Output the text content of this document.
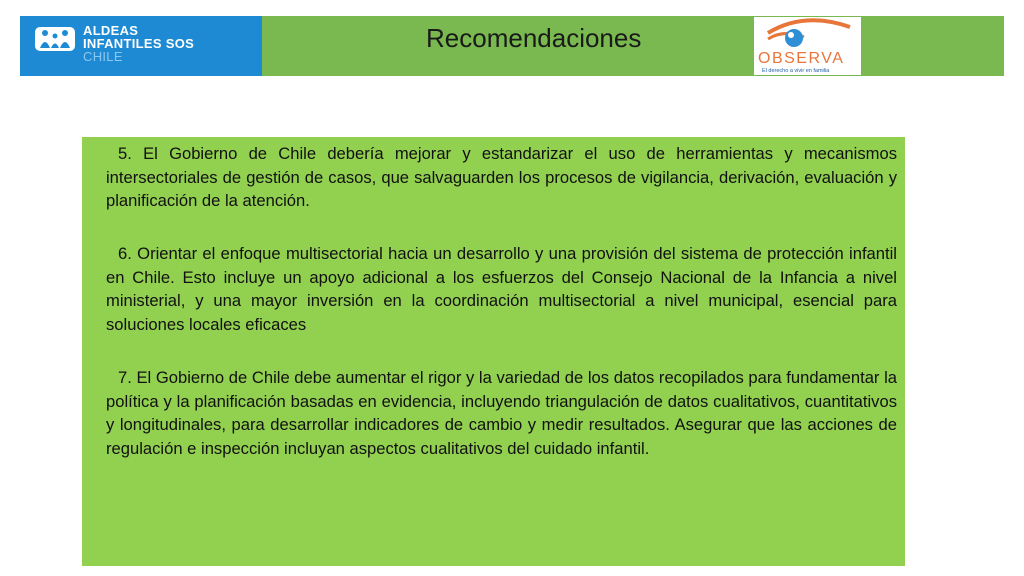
ALDEAS
INFANTILES SOS
CHILE
Recomendaciones
OBSERVA
El derecho a vivir en familia

5. El Gobierno de Chile debería mejorar y estandarizar el uso de herramientas y mecanismos intersectoriales de gestión de casos, que salvaguarden los procesos de vigilancia, derivación, evaluación y planificación de la atención.

6. Orientar el enfoque multisectorial hacia un desarrollo y una provisión del sistema de protección infantil en Chile. Esto incluye un apoyo adicional a los esfuerzos del Consejo Nacional de la Infancia a nivel ministerial, y una mayor inversión en la coordinación multisectorial a nivel municipal, esencial para soluciones locales eficaces

7. El Gobierno de Chile debe aumentar el rigor y la variedad de los datos recopilados para fundamentar la política y la planificación basadas en evidencia, incluyendo triangulación de datos cualitativos, cuantitativos y longitudinales, para desarrollar indicadores de cambio y medir resultados. Asegurar que las acciones de regulación e inspección incluyan aspectos cualitativos del cuidado infantil.
